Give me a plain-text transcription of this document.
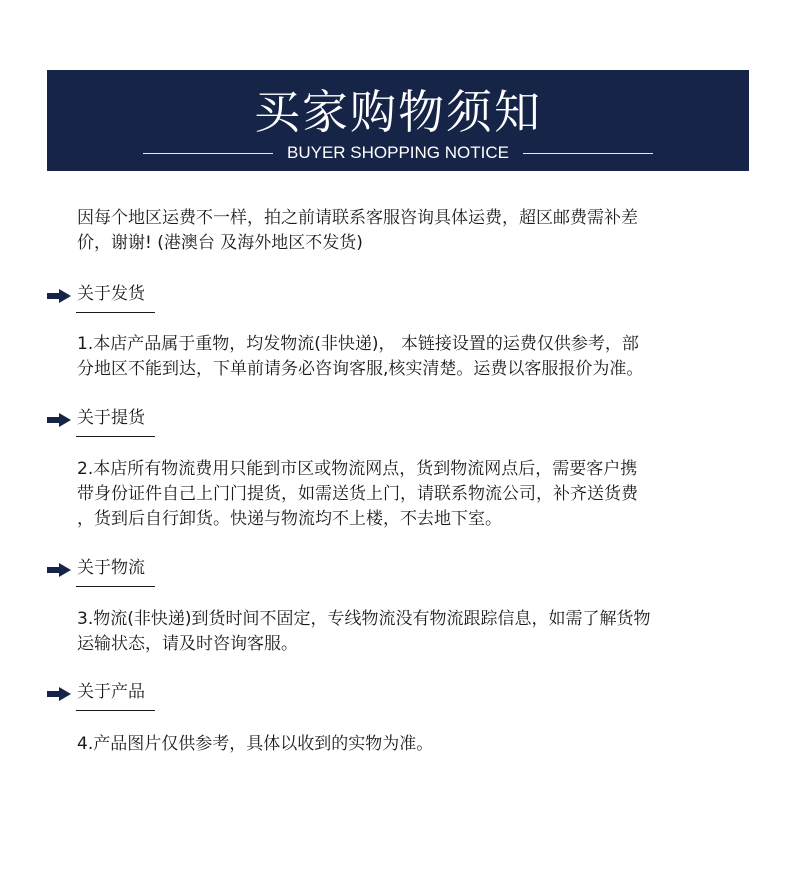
买家购物须知
BUYER SHOPPING NOTICE
因每个地区运费不一样，拍之前请联系客服咨询具体运费，超区邮费需补差
价，谢谢! (港澳台 及海外地区不发货)
关于发货
1.本店产品属于重物，均发物流(非快递)， 本链接设置的运费仅供参考，部
分地区不能到达，下单前请务必咨询客服,核实清楚。运费以客服报价为准。
关于提货
2.本店所有物流费用只能到市区或物流网点，货到物流网点后，需要客户携
带身份证件自己上门门提货，如需送货上门，请联系物流公司，补齐送货费
，货到后自行卸货。快递与物流均不上楼，不去地下室。
关于物流
3.物流(非快递)到货时间不固定，专线物流没有物流跟踪信息，如需了解货物
运输状态，请及时咨询客服。
关于产品
4.产品图片仅供参考，具体以收到的实物为准。
